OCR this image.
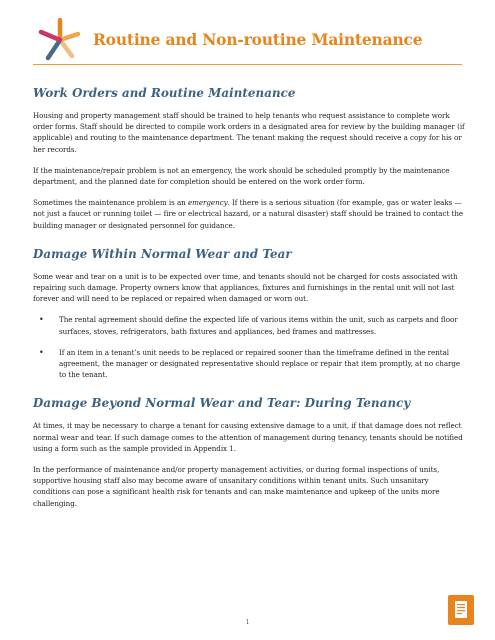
Routine and Non-routine Maintenance
Work Orders and Routine Maintenance

Housing and property management staff should be trained to help tenants who request assistance to complete work order forms. Staff should be directed to compile work orders in a designated area for review by the building manager (if applicable) and routing to the maintenance department. The tenant making the request should receive a copy for his or her records.

If the maintenance/repair problem is not an emergency, the work should be scheduled promptly by the maintenance department, and the planned date for completion should be entered on the work order form.

Sometimes the maintenance problem is an emergency. If there is a serious situation (for example, gas or water leaks — not just a faucet or running toilet — fire or electrical hazard, or a natural disaster) staff should be trained to contact the building manager or designated personnel for guidance.

Damage Within Normal Wear and Tear

Some wear and tear on a unit is to be expected over time, and tenants should not be charged for costs associated with repairing such damage. Property owners know that appliances, fixtures and furnishings in the rental unit will not last forever and will need to be replaced or repaired when damaged or worn out.

• The rental agreement should define the expected life of various items within the unit, such as carpets and floor surfaces, stoves, refrigerators, bath fixtures and appliances, bed frames and mattresses.
• If an item in a tenant’s unit needs to be replaced or repaired sooner than the timeframe defined in the rental agreement, the manager or designated representative should replace or repair that item promptly, at no charge to the tenant.
Damage Beyond Normal Wear and Tear: During Tenancy

At times, it may be necessary to charge a tenant for causing extensive damage to a unit, if that damage does not reflect normal wear and tear. If such damage comes to the attention of management during tenancy, tenants should be notified using a form such as the sample provided in Appendix 1.

In the performance of maintenance and/or property management activities, or during formal inspections of units, supportive housing staff also may become aware of unsanitary conditions within tenant units. Such unsanitary conditions can pose a significant health risk for tenants and can make maintenance and upkeep of the units more challenging.

1
